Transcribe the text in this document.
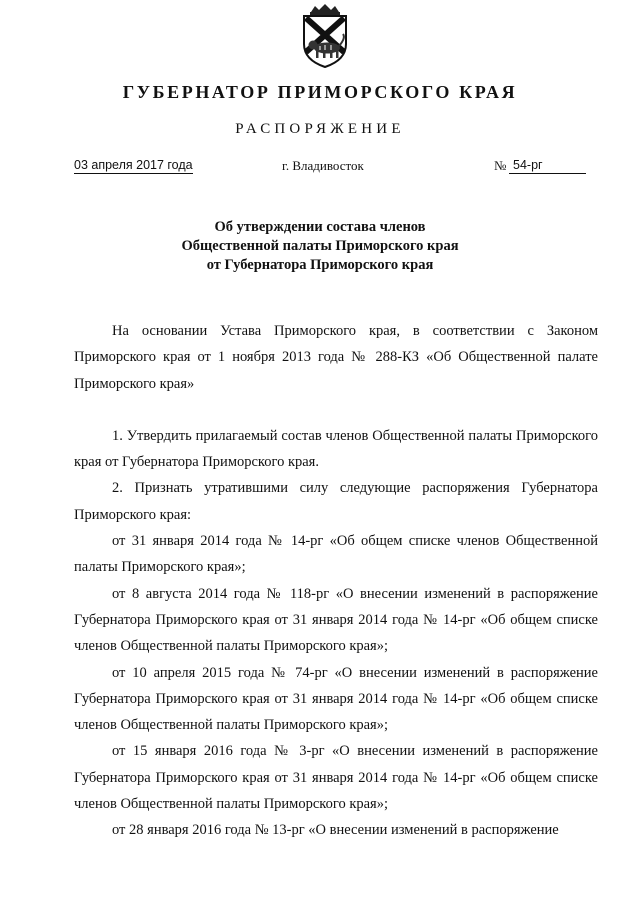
ГУБЕРНАТОР ПРИМОРСКОГО КРАЯ
РАСПОРЯЖЕНИЕ
03 апреля 2017 года	г. Владивосток	№ 54-рг
Об утверждении состава членов
Общественной палаты Приморского края
от Губернатора Приморского края

На основании Устава Приморского края, в соответствии с Законом Приморского края от 1 ноября 2013 года № 288-КЗ «Об Общественной палате Приморского края»

1. Утвердить прилагаемый состав членов Общественной палаты Приморского края от Губернатора Приморского края.

2. Признать утратившими силу следующие распоряжения Губернатора Приморского края:

от 31 января 2014 года № 14-рг «Об общем списке членов Общественной палаты Приморского края»;

от 8 августа 2014 года № 118-рг «О внесении изменений в распоряжение Губернатора Приморского края от 31 января 2014 года № 14-рг «Об общем списке членов Общественной палаты Приморского края»;

от 10 апреля 2015 года № 74-рг «О внесении изменений в распоряжение Губернатора Приморского края от 31 января 2014 года № 14-рг «Об общем списке членов Общественной палаты Приморского края»;

от 15 января 2016 года № 3-рг «О внесении изменений в распоряжение Губернатора Приморского края от 31 января 2014 года № 14-рг «Об общем списке членов Общественной палаты Приморского края»;

от 28 января 2016 года № 13-рг «О внесении изменений в распоряжение
